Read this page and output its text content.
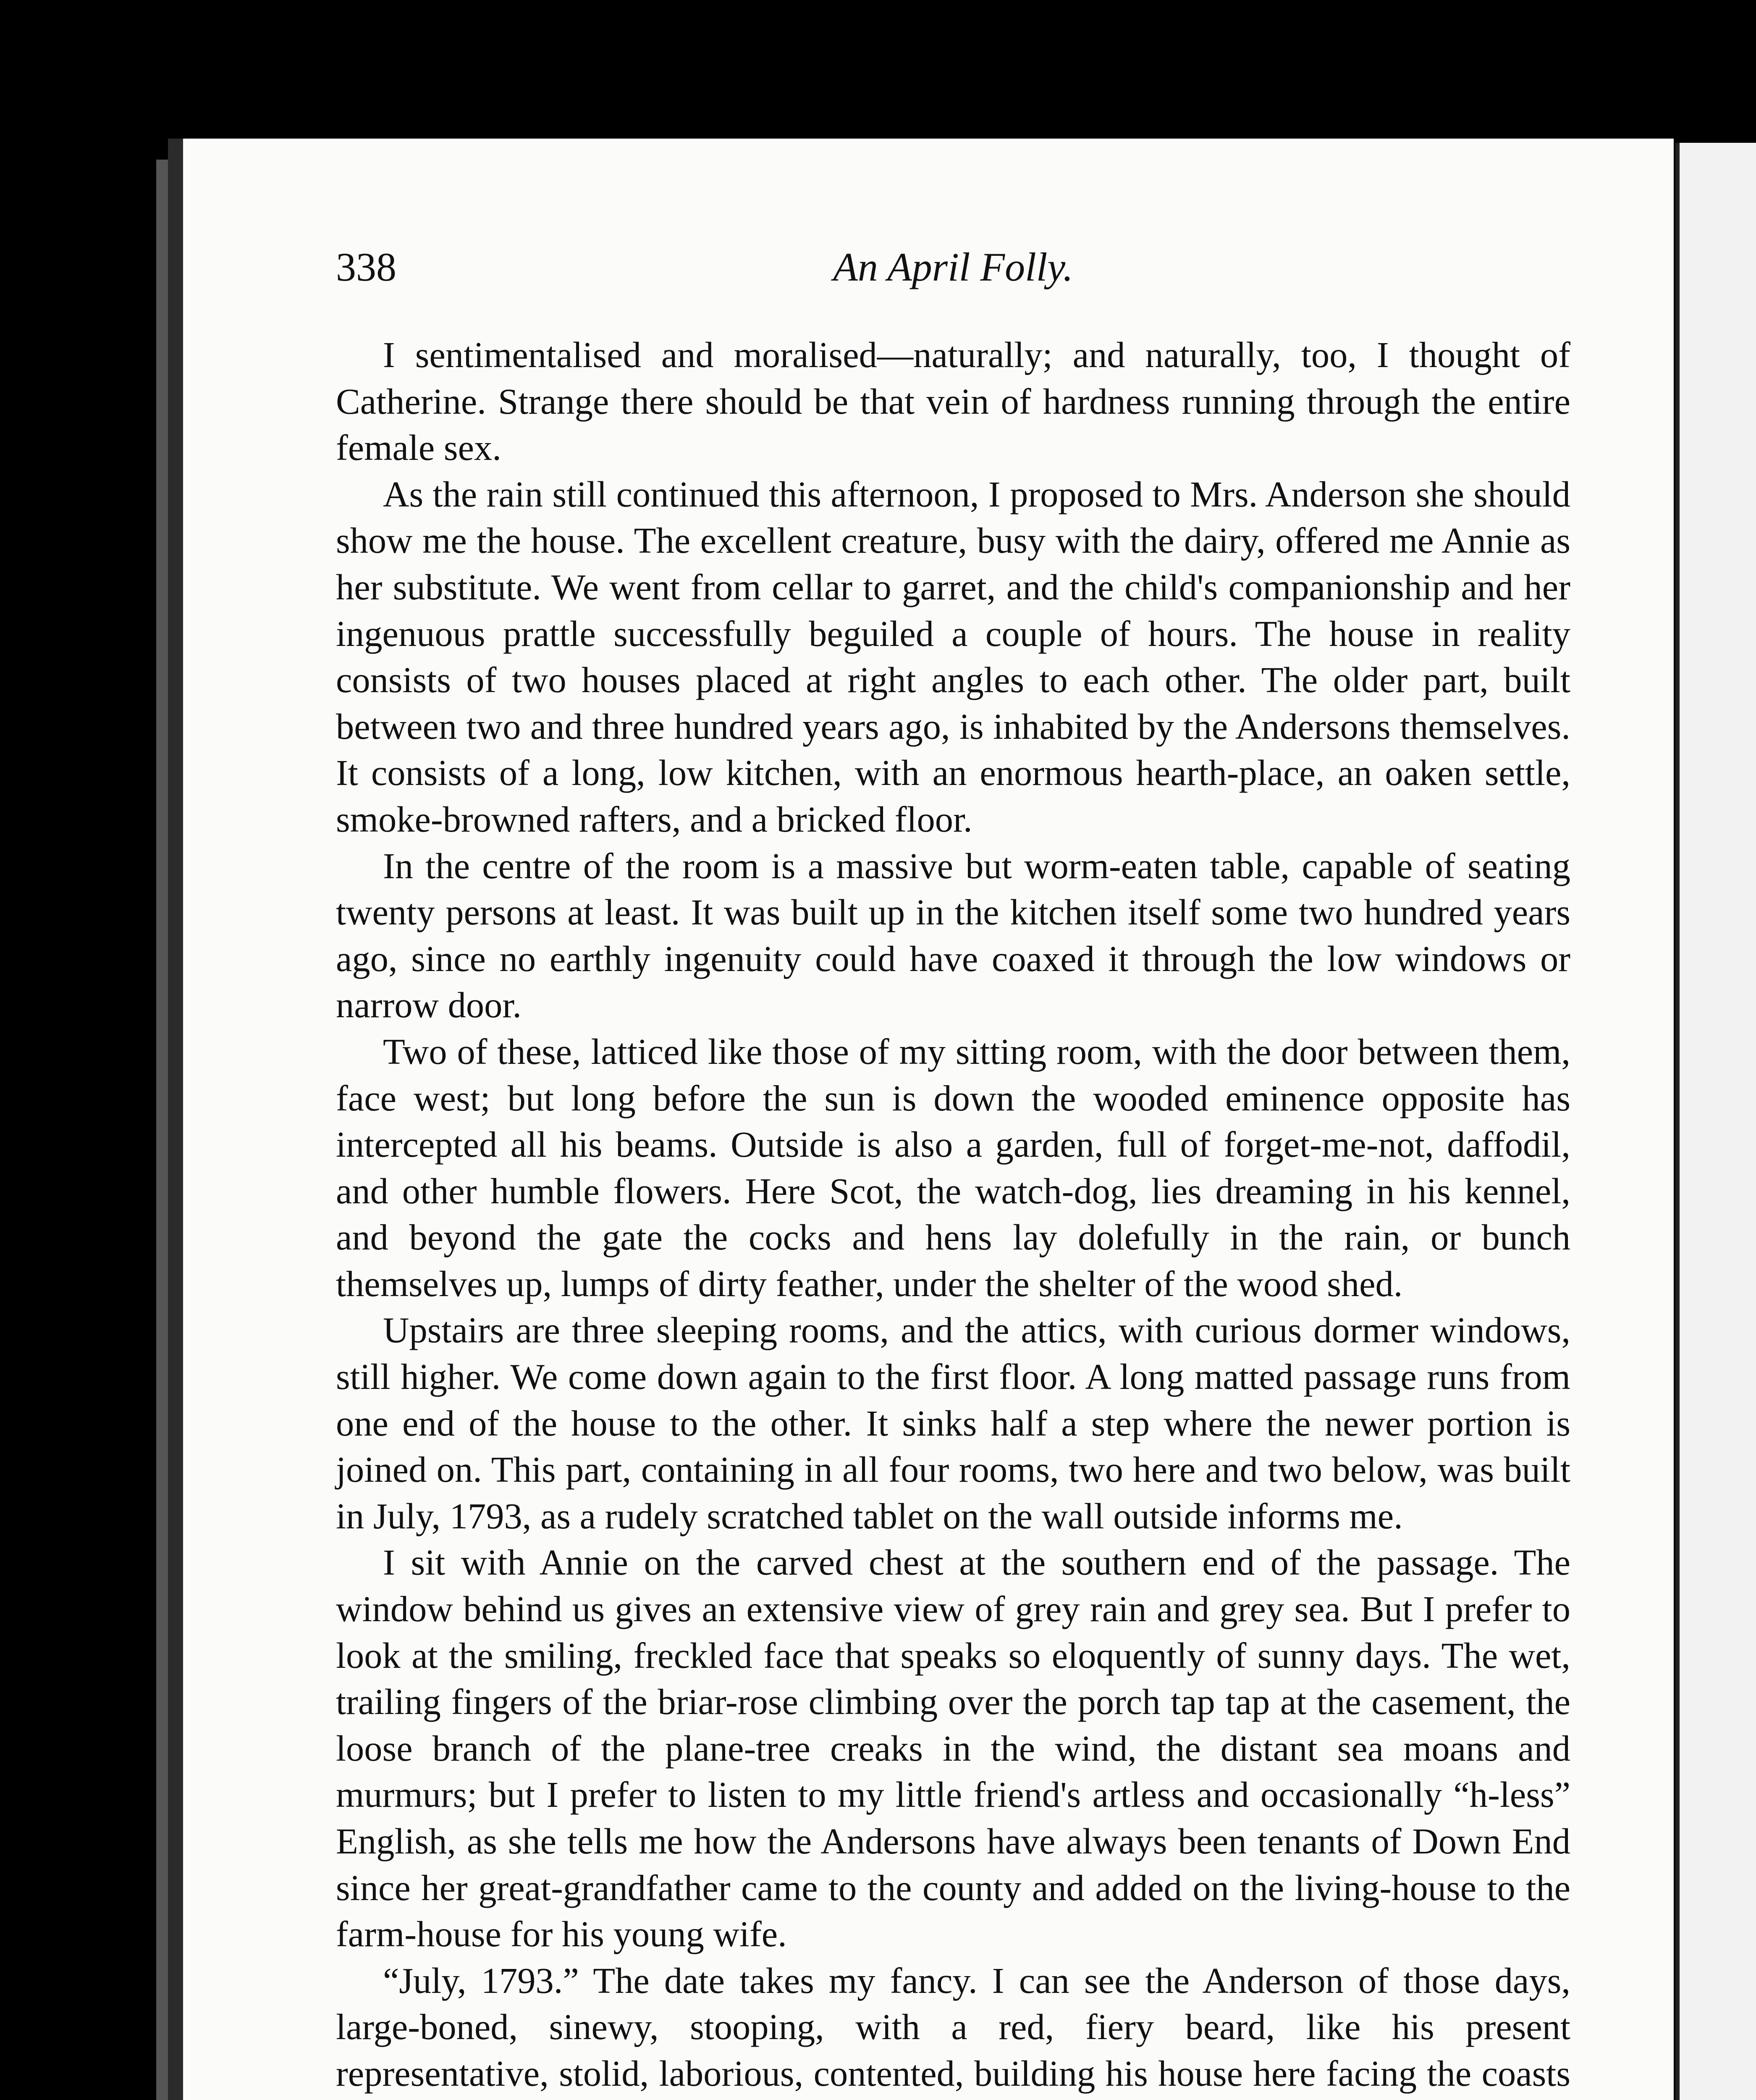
338	An April Folly.

I sentimentalised and moralised—naturally; and naturally, too, I thought of Catherine. Strange there should be that vein of hardness running through the entire female sex.

As the rain still continued this afternoon, I proposed to Mrs. Anderson she should show me the house. The excellent creature, busy with the dairy, offered me Annie as her substitute. We went from cellar to garret, and the child's companionship and her ingenuous prattle successfully beguiled a couple of hours. The house in reality consists of two houses placed at right angles to each other. The older part, built between two and three hundred years ago, is inhabited by the Andersons themselves. It consists of a long, low kitchen, with an enormous hearth-place, an oaken settle, smoke-browned rafters, and a bricked floor.

In the centre of the room is a massive but worm-eaten table, capable of seating twenty persons at least. It was built up in the kitchen itself some two hundred years ago, since no earthly ingenuity could have coaxed it through the low windows or narrow door.

Two of these, latticed like those of my sitting room, with the door between them, face west; but long before the sun is down the wooded eminence opposite has intercepted all his beams. Outside is also a garden, full of forget-me-not, daffodil, and other humble flowers. Here Scot, the watch-dog, lies dreaming in his kennel, and beyond the gate the cocks and hens lay dolefully in the rain, or bunch themselves up, lumps of dirty feather, under the shelter of the wood shed.

Upstairs are three sleeping rooms, and the attics, with curious dormer windows, still higher. We come down again to the first floor. A long matted passage runs from one end of the house to the other. It sinks half a step where the newer portion is joined on. This part, containing in all four rooms, two here and two below, was built in July, 1793, as a rudely scratched tablet on the wall outside informs me.

I sit with Annie on the carved chest at the southern end of the passage. The window behind us gives an extensive view of grey rain and grey sea. But I prefer to look at the smiling, freckled face that speaks so eloquently of sunny days. The wet, trailing fingers of the briar-rose climbing over the porch tap tap at the casement, the loose branch of the plane-tree creaks in the wind, the distant sea moans and murmurs; but I prefer to listen to my little friend's artless and occasionally “h-less” English, as she tells me how the Andersons have always been tenants of Down End since her great-grandfather came to the county and added on the living-house to the farm-house for his young wife.

“July, 1793.” The date takes my fancy. I can see the Anderson of those days, large-boned, sinewy, stooping, with a red, fiery beard, like his present representative, stolid, laborious, contented, building his house here facing the coasts
